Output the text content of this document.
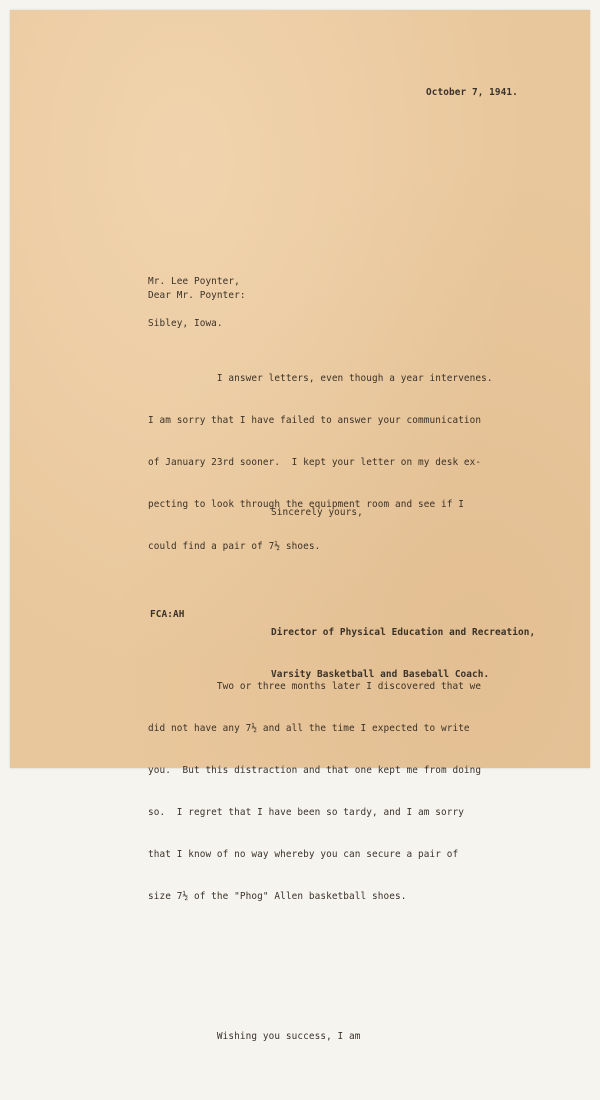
October 7, 1941.

Mr. Lee Poynter,

Sibley, Iowa.

Dear Mr. Poynter:

I answer letters, even though a year intervenes.

I am sorry that I have failed to answer your communication

of January 23rd sooner.  I kept your letter on my desk ex-

pecting to look through the equipment room and see if I

could find a pair of 7½ shoes.

Two or three months later I discovered that we

did not have any 7½ and all the time I expected to write

you.  But this distraction and that one kept me from doing

so.  I regret that I have been so tardy, and I am sorry

that I know of no way whereby you can secure a pair of

size 7½ of the "Phog" Allen basketball shoes.

Wishing you success, I am

Sincerely yours,

Director of Physical Education and Recreation,

Varsity Basketball and Baseball Coach.

FCA:AH
